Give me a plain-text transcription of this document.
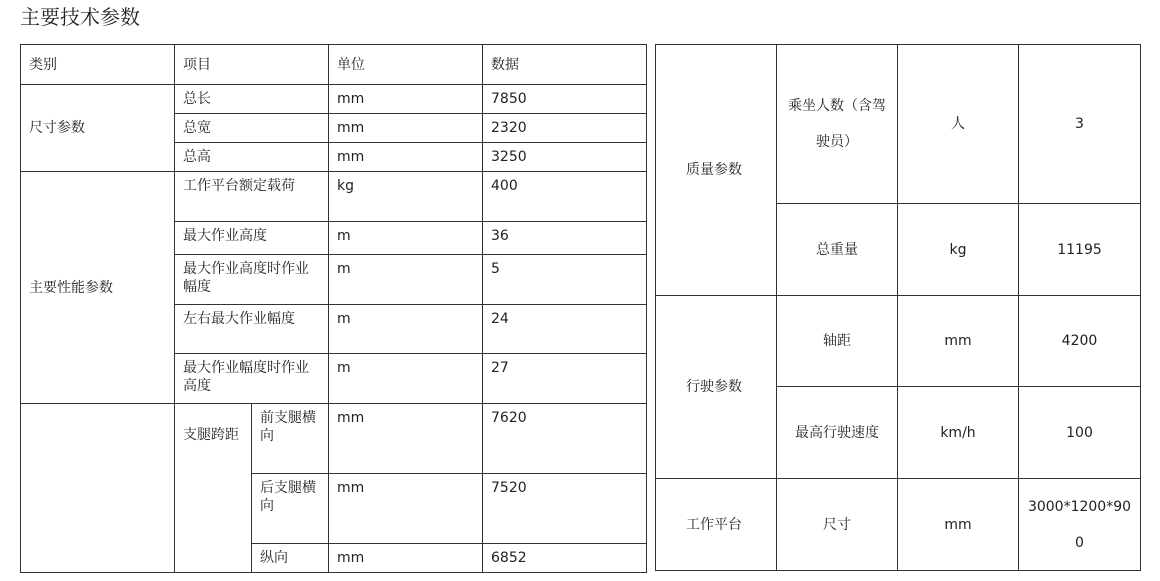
主要技术参数
类别	项目		单位	数据
尺寸参数	总长		mm	7850
	总宽		mm	2320
	总高		mm	3250
主要性能参数	工作平台额定载荷		kg	400
	最大作业高度		m	36
	最大作业高度时作业幅度		m	5
	左右最大作业幅度		m	24
	最大作业幅度时作业高度		m	27
	支腿跨距	前支腿横向	mm	7620
		后支腿横向	mm	7520
		纵向	mm	6852
质量参数	乘坐人数（含驾驶员）	人	3
	总重量	kg	11195
行驶参数	轴距	mm	4200
	最高行驶速度	km/h	100
工作平台	尺寸	mm	3000*1200*900
